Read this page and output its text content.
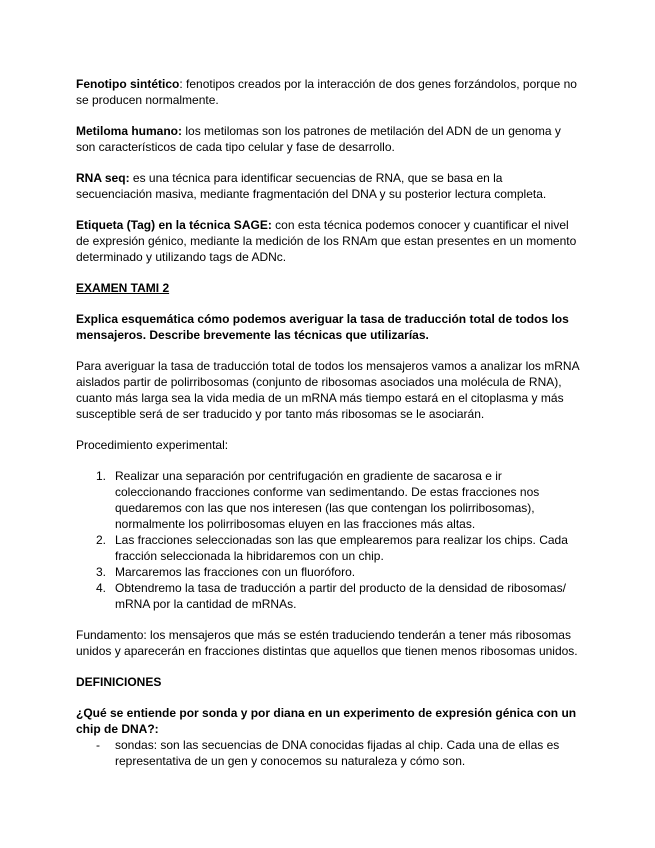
Fenotipo sintético: fenotipos creados por la interacción de dos genes forzándolos, porque no se producen normalmente.

Metiloma humano: los metilomas son los patrones de metilación del ADN de un genoma y son característicos de cada tipo celular y fase de desarrollo.

RNA seq: es una técnica para identificar secuencias de RNA, que se basa en la secuenciación masiva, mediante fragmentación del DNA y su posterior lectura completa.

Etiqueta (Tag) en la técnica SAGE: con esta técnica podemos conocer y cuantificar el nivel de expresión génico, mediante la medición de los RNAm que estan presentes en un momento determinado y utilizando tags de ADNc.

EXAMEN TAMI 2

Explica esquemática cómo podemos averiguar la tasa de traducción total de todos los mensajeros. Describe brevemente las técnicas que utilizarías.

Para averiguar la tasa de traducción total de todos los mensajeros vamos a analizar los mRNA aislados partir de polirribosomas (conjunto de ribosomas asociados una molécula de RNA), cuanto más larga sea la vida media de un mRNA más tiempo estará en el citoplasma y más susceptible será de ser traducido y por tanto más ribosomas se le asociarán.

Procedimiento experimental:

1. Realizar una separación por centrifugación en gradiente de sacarosa e ir coleccionando fracciones conforme van sedimentando. De estas fracciones nos quedaremos con las que nos interesen (las que contengan los polirribosomas), normalmente los polirribosomas eluyen en las fracciones más altas.
2. Las fracciones seleccionadas son las que emplearemos para realizar los chips. Cada fracción seleccionada la hibridaremos con un chip.
3. Marcaremos las fracciones con un fluoróforo.
4. Obtendremo la tasa de traducción a partir del producto de la densidad de ribosomas/ mRNA por la cantidad de mRNAs.

Fundamento: los mensajeros que más se estén traduciendo tenderán a tener más ribosomas unidos y aparecerán en fracciones distintas que aquellos que tienen menos ribosomas unidos.

DEFINICIONES

¿Qué se entiende por sonda y por diana en un experimento de expresión génica con un chip de DNA?:

- sondas: son las secuencias de DNA conocidas fijadas al chip. Cada una de ellas es representativa de un gen y conocemos su naturaleza y cómo son.
